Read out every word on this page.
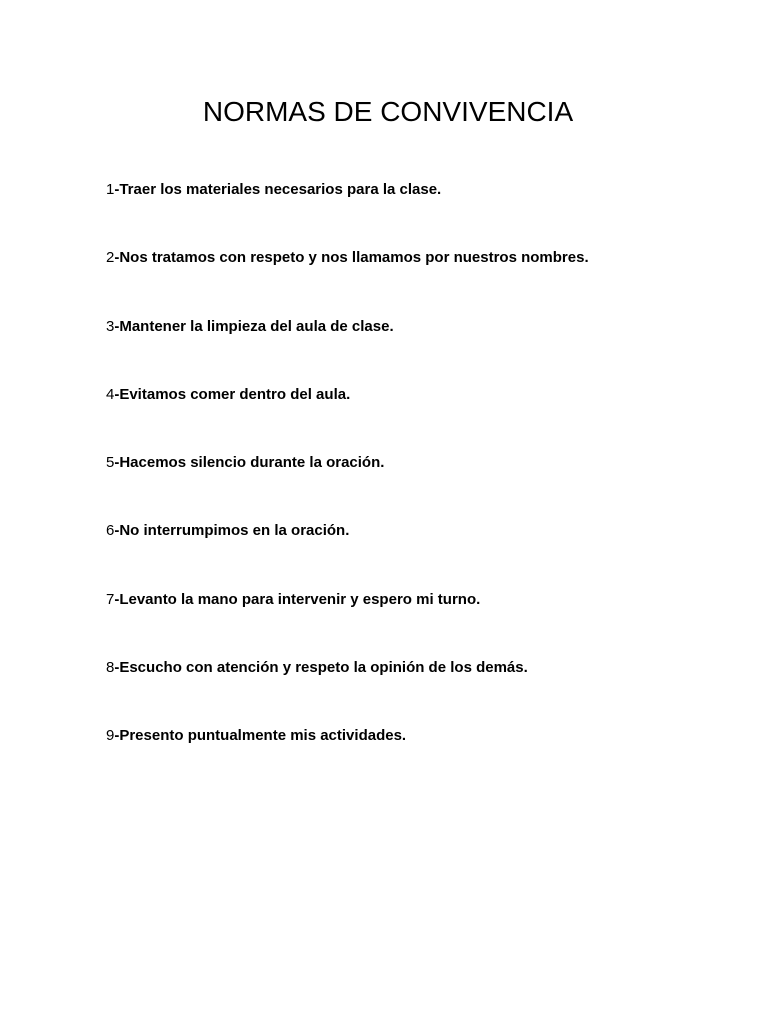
NORMAS DE CONVIVENCIA
1-Traer los materiales necesarios para la clase.
2-Nos tratamos con respeto y nos llamamos por nuestros nombres.
3-Mantener la limpieza del aula de clase.
4-Evitamos comer dentro del aula.
5-Hacemos silencio durante la oración.
6-No interrumpimos en la oración.
7-Levanto la mano para intervenir y espero mi turno.
8-Escucho con atención y respeto la opinión de los demás.
9-Presento puntualmente mis actividades.
